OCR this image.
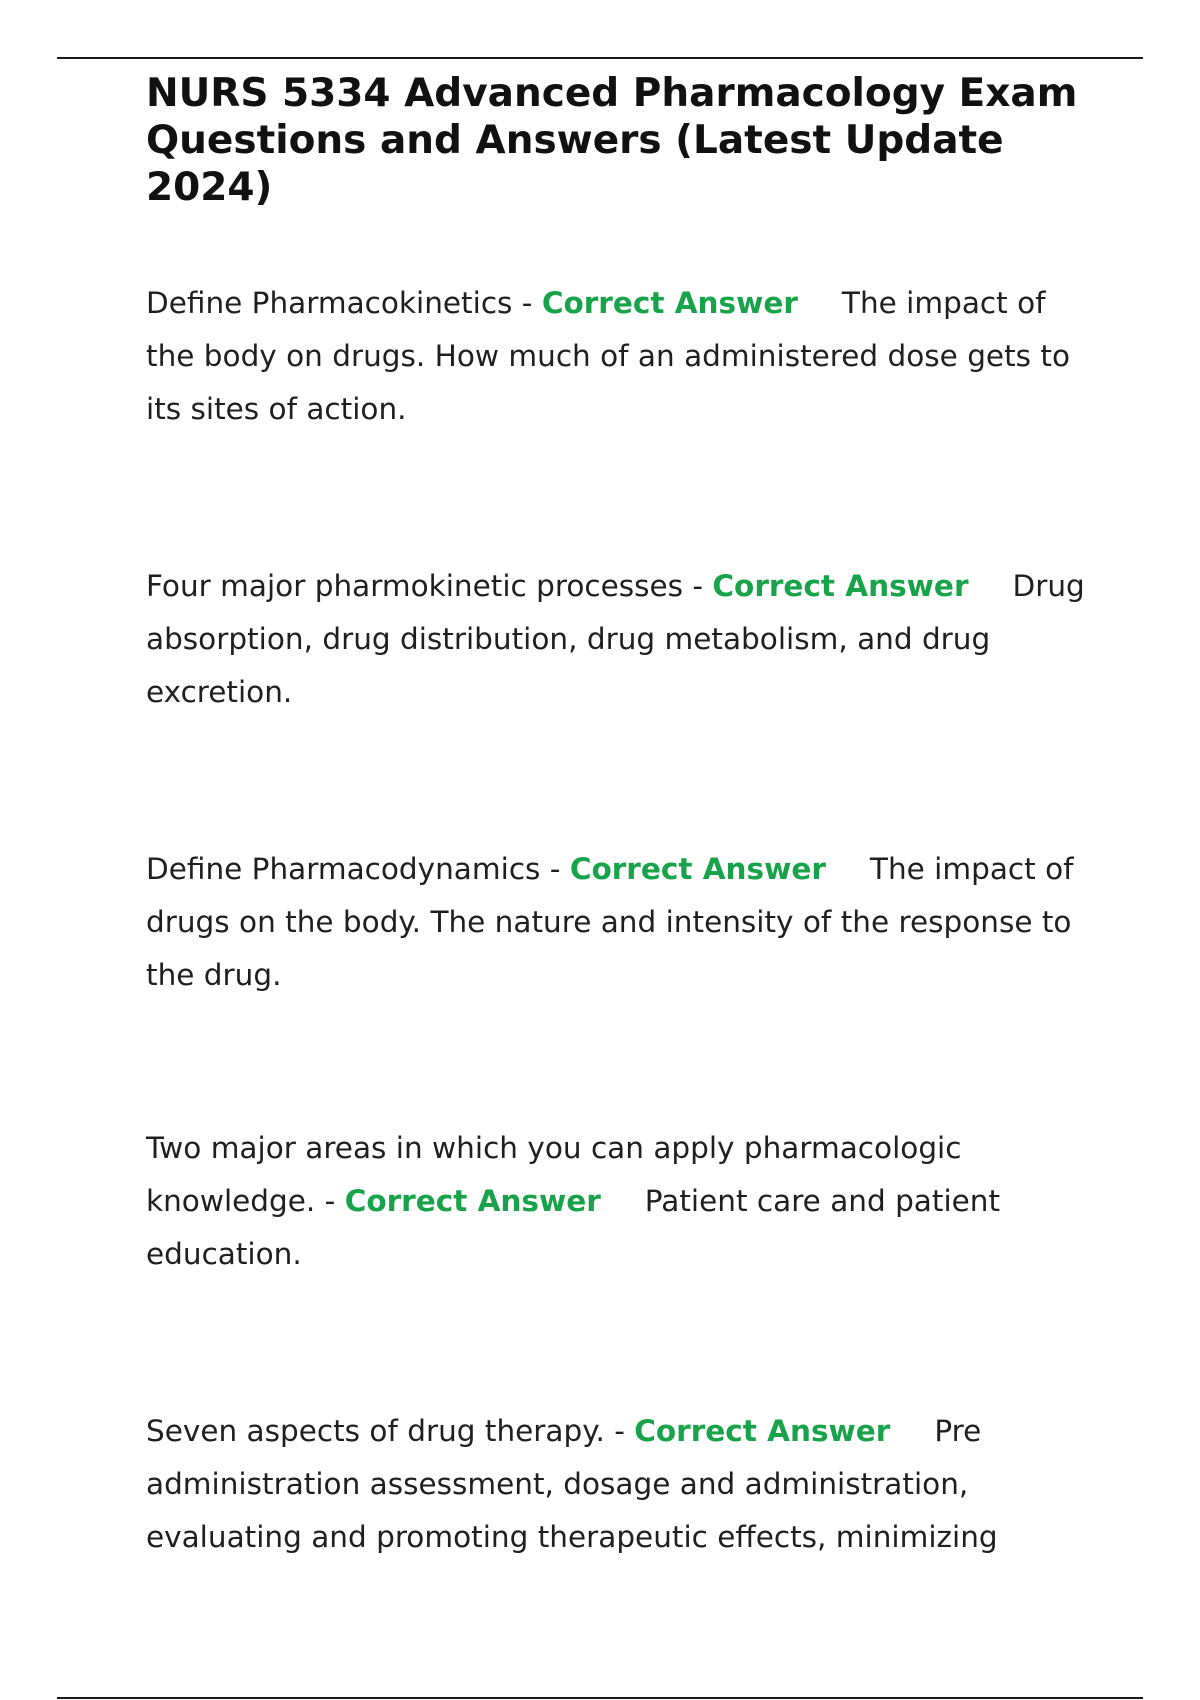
NURS 5334 Advanced Pharmacology Exam Questions and Answers (Latest Update 2024)

Define Pharmacokinetics - Correct Answer The impact of the body on drugs. How much of an administered dose gets to its sites of action.

Four major pharmokinetic processes - Correct Answer Drug absorption, drug distribution, drug metabolism, and drug excretion.

Define Pharmacodynamics - Correct Answer The impact of drugs on the body. The nature and intensity of the response to the drug.

Two major areas in which you can apply pharmacologic knowledge. - Correct Answer Patient care and patient education.

Seven aspects of drug therapy. - Correct Answer Pre administration assessment, dosage and administration, evaluating and promoting therapeutic effects, minimizing
